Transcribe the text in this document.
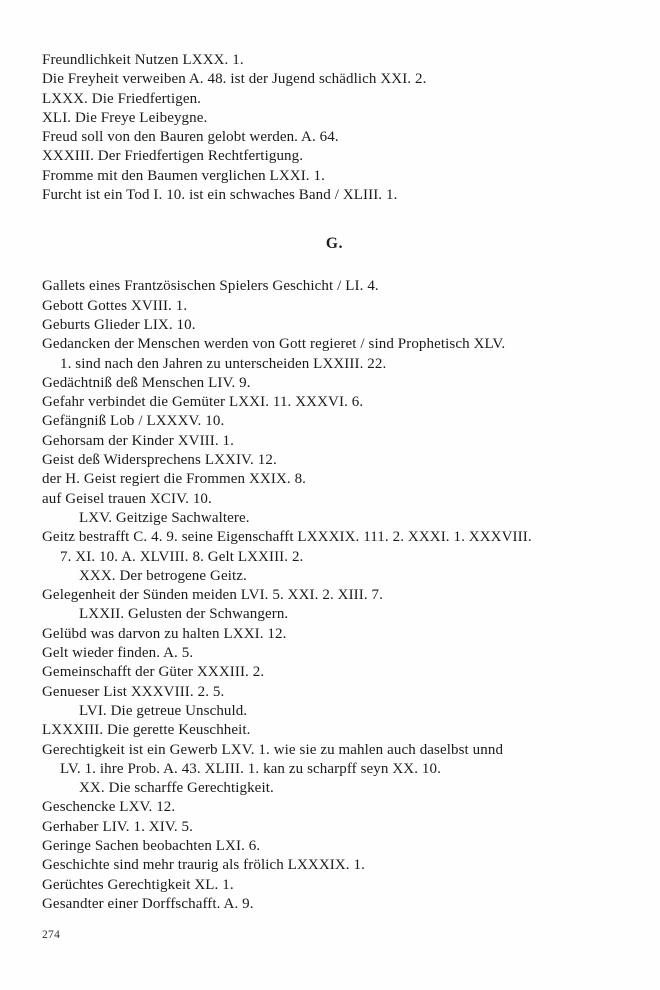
Freundlichkeit Nutzen LXXX. 1.
Die Freyheit verweiben A. 48. ist der Jugend schädlich XXI. 2.
LXXX. Die Friedfertigen.
XLI. Die Freye Leibeygne.
Freud soll von den Bauren gelobt werden. A. 64.
XXXIII. Der Friedfertigen Rechtfertigung.
Fromme mit den Baumen verglichen LXXI. 1.
Furcht ist ein Tod I. 10. ist ein schwaches Band / XLIII. 1.
G.
Gallets eines Frantzösischen Spielers Geschicht / LI. 4.
Gebott Gottes XVIII. 1.
Geburts Glieder LIX. 10.
Gedancken der Menschen werden von Gott regieret / sind Prophetisch XLV.
1. sind nach den Jahren zu unterscheiden LXXIII. 22.
Gedächtniß deß Menschen LIV. 9.
Gefahr verbindet die Gemüter LXXI. 11. XXXVI. 6.
Gefängniß Lob / LXXXV. 10.
Gehorsam der Kinder XVIII. 1.
Geist deß Widersprechens LXXIV. 12.
der H. Geist regiert die Frommen XXIX. 8.
auf Geisel trauen XCIV. 10.
LXV. Geitzige Sachwaltere.
Geitz bestrafft C. 4. 9. seine Eigenschafft LXXXIX. 111. 2. XXXI. 1. XXXVIII.
7. XI. 10. A. XLVIII. 8. Gelt LXXIII. 2.
XXX. Der betrogene Geitz.
Gelegenheit der Sünden meiden LVI. 5. XXI. 2. XIII. 7.
LXXII. Gelusten der Schwangern.
Gelübd was darvon zu halten LXXI. 12.
Gelt wieder finden. A. 5.
Gemeinschafft der Güter XXXIII. 2.
Genueser List XXXVIII. 2. 5.
LVI. Die getreue Unschuld.
LXXXIII. Die gerette Keuschheit.
Gerechtigkeit ist ein Gewerb LXV. 1. wie sie zu mahlen auch daselbst unnd
LV. 1. ihre Prob. A. 43. XLIII. 1. kan zu scharpff seyn XX. 10.
XX. Die scharffe Gerechtigkeit.
Geschencke LXV. 12.
Gerhaber LIV. 1. XIV. 5.
Geringe Sachen beobachten LXI. 6.
Geschichte sind mehr traurig als frölich LXXXIX. 1.
Gerüchtes Gerechtigkeit XL. 1.
Gesandter einer Dorffschafft. A. 9.
274
